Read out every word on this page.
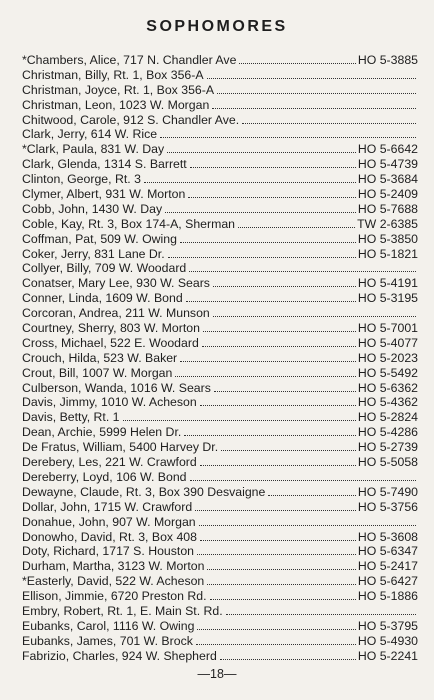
SOPHOMORES
*Chambers, Alice, 717 N. Chandler Ave	HO 5-3885
Christman, Billy, Rt. 1, Box 356-A
Christman, Joyce, Rt. 1, Box 356-A
Christman, Leon, 1023 W. Morgan
Chitwood, Carole, 912 S. Chandler Ave.
Clark, Jerry, 614 W. Rice
*Clark, Paula, 831 W. Day	HO 5-6642
Clark, Glenda, 1314 S. Barrett	HO 5-4739
Clinton, George, Rt. 3	HO 5-3684
Clymer, Albert, 931 W. Morton	HO 5-2409
Cobb, John, 1430 W. Day	HO 5-7688
Coble, Kay, Rt. 3, Box 174-A, Sherman	TW 2-6385
Coffman, Pat, 509 W. Owing	HO 5-3850
Coker, Jerry, 831 Lane Dr.	HO 5-1821
Collyer, Billy, 709 W. Woodard
Conatser, Mary Lee, 930 W. Sears	HO 5-4191
Conner, Linda, 1609 W. Bond	HO 5-3195
Corcoran, Andrea, 211 W. Munson
Courtney, Sherry, 803 W. Morton	HO 5-7001
Cross, Michael, 522 E. Woodard	HO 5-4077
Crouch, Hilda, 523 W. Baker	HO 5-2023
Crout, Bill, 1007 W. Morgan	HO 5-5492
Culberson, Wanda, 1016 W. Sears	HO 5-6362
Davis, Jimmy, 1010 W. Acheson	HO 5-4362
Davis, Betty, Rt. 1	HO 5-2824
Dean, Archie, 5999 Helen Dr.	HO 5-4286
De Fratus, William, 5400 Harvey Dr.	HO 5-2739
Derebery, Les, 221 W. Crawford	HO 5-5058
Dereberry, Loyd, 106 W. Bond
Dewayne, Claude, Rt. 3, Box 390 Desvaigne	HO 5-7490
Dollar, John, 1715 W. Crawford	HO 5-3756
Donahue, John, 907 W. Morgan
Donowho, David, Rt. 3, Box 408	HO 5-3608
Doty, Richard, 1717 S. Houston	HO 5-6347
Durham, Martha, 3123 W. Morton	HO 5-2417
*Easterly, David, 522 W. Acheson	HO 5-6427
Ellison, Jimmie, 6720 Preston Rd.	HO 5-1886
Embry, Robert, Rt. 1, E. Main St. Rd.
Eubanks, Carol, 1116 W. Owing	HO 5-3795
Eubanks, James, 701 W. Brock	HO 5-4930
Fabrizio, Charles, 924 W. Shepherd	HO 5-2241
—18—
